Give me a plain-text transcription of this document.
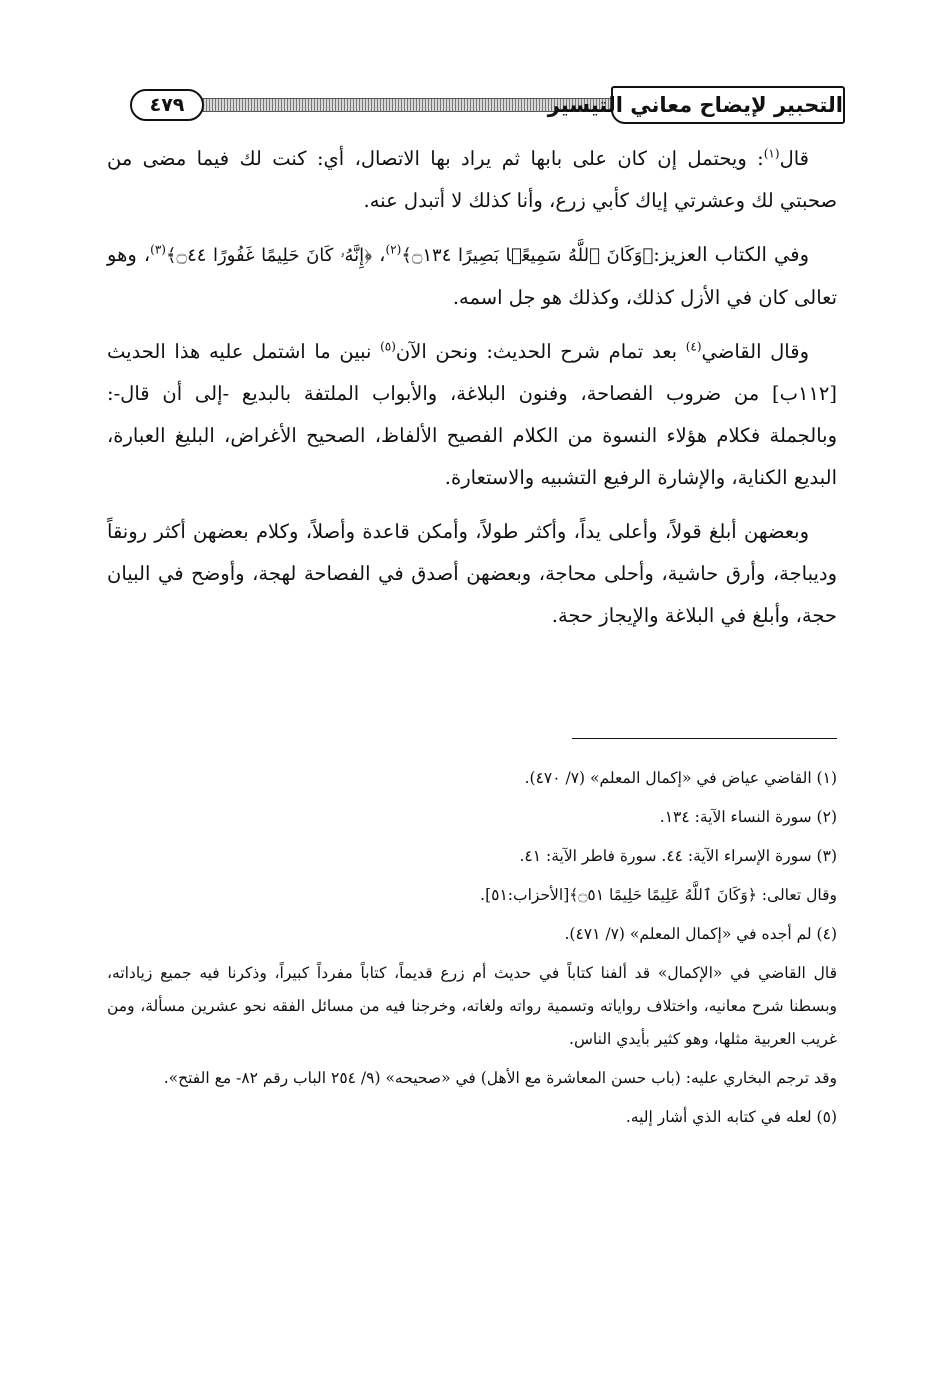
التحبير لإيضاح معاني التيسير
٤٧٩

قال$^{(١)}$: ويحتمل إن كان على بابها ثم يراد بها الاتصال، أي: كنت لك فيما مضى من صحبتي لك وعشرتي إياك كأبي زرع، وأنا كذلك لا أتبدل عنه.

وفي الكتاب العزيز:﴿وَكَانَ ٱللَّهُ سَمِيعًۢا بَصِيرًا ۝١٣٤﴾$^{(٢)}$، ﴿إِنَّهُۥ كَانَ حَلِيمًا غَفُورًا ۝٤٤﴾$^{(٣)}$، وهو تعالى كان في الأزل كذلك، وكذلك هو جل اسمه.

وقال القاضي$^{(٤)}$ بعد تمام شرح الحديث: ونحن الآن$^{(٥)}$ نبين ما اشتمل عليه هذا الحديث [١١٢ب] من ضروب الفصاحة، وفنون البلاغة، والأبواب الملتفة بالبديع -إلى أن قال-: وبالجملة فكلام هؤلاء النسوة من الكلام الفصيح الألفاظ، الصحيح الأغراض، البليغ العبارة، البديع الكناية، والإشارة الرفيع التشبيه والاستعارة.

وبعضهن أبلغ قولاً، وأعلى يداً، وأكثر طولاً، وأمكن قاعدة وأصلاً، وكلام بعضهن أكثر رونقاً وديباجة، وأرق حاشية، وأحلى محاجة، وبعضهن أصدق في الفصاحة لهجة، وأوضح في البيان حجة، وأبلغ في البلاغة والإيجاز حجة.

(١) القاضي عياض في «إكمال المعلم» (٧/ ٤٧٠).

(٢) سورة النساء الآية: ١٣٤.

(٣) سورة الإسراء الآية: ٤٤. سورة فاطر الآية: ٤١.

وقال تعالى: ﴿وَكَانَ ٱللَّهُ عَلِيمًا حَلِيمًا ۝٥١﴾[الأحزاب:٥١].

(٤) لم أجده في «إكمال المعلم» (٧/ ٤٧١).

قال القاضي في «الإكمال» قد ألفنا كتاباً في حديث أم زرع قديماً، كتاباً مفرداً كبيراً، وذكرنا فيه جميع زياداته، وبسطنا شرح معانيه، واختلاف رواياته وتسمية رواته ولغاته، وخرجنا فيه من مسائل الفقه نحو عشرين مسألة، ومن غريب العربية مثلها، وهو كثير بأيدي الناس.

وقد ترجم البخاري عليه: (باب حسن المعاشرة مع الأهل) في «صحيحه» (٩/ ٢٥٤ الباب رقم ٨٢- مع الفتح».

(٥) لعله في كتابه الذي أشار إليه.
